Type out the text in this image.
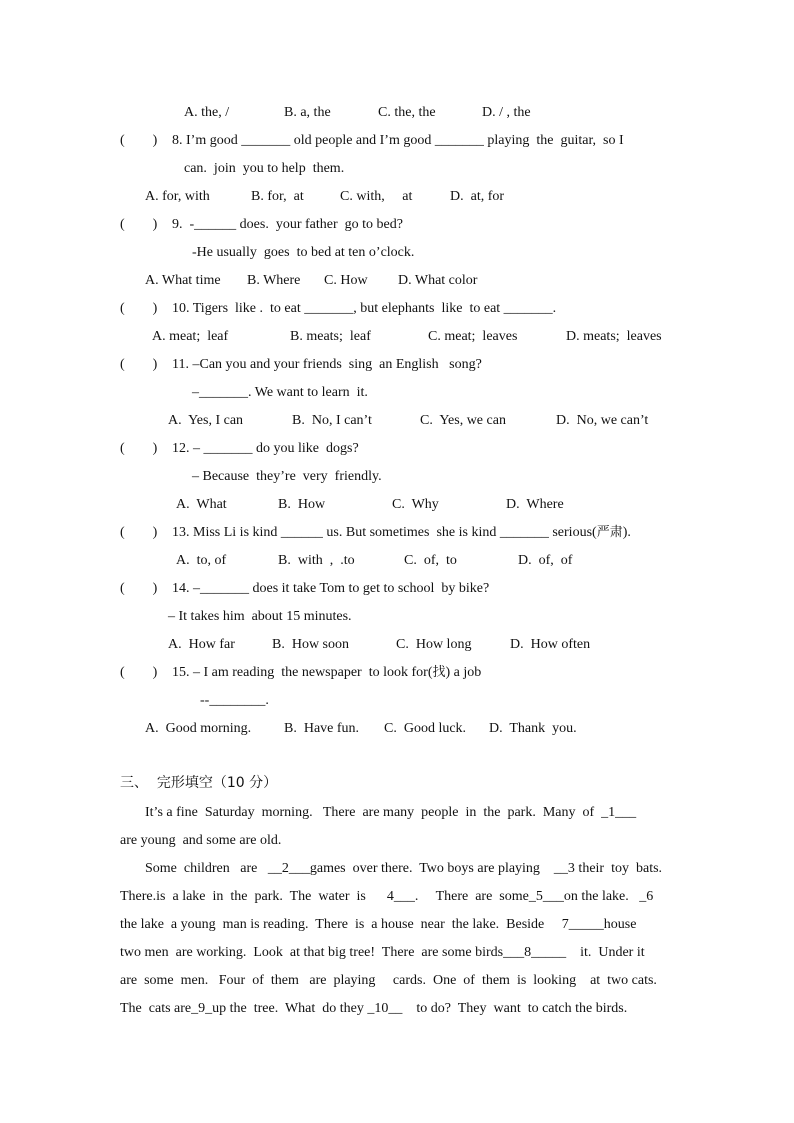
A. the, /	B. a, the	C. the, the	D. / , the
(        ) 8. I’m good _______ old people and I’m good _______ playing  the  guitar,  so I
can.  join  you to help  them.
A. for, with	B. for,  at	C. with,     at	D.  at, for
(        ) 9.  -______ does.  your father  go to bed?
-He usually  goes  to bed at ten o’clock.
A. What time B. Where C. How D. What color
(        ) 10. Tigers  like .  to eat _______, but elephants  like  to eat _______.
A. meat;  leaf	B. meats;  leaf	C. meat;  leaves	D. meats;  leaves
(        ) 11. –Can you and your friends  sing  an English   song?
–_______. We want to learn  it.
A.  Yes, I can	B.  No, I can’t	C.  Yes, we can	D.  No, we can’t
(        ) 12. – _______ do you like  dogs?
– Because  they’re  very  friendly.
A.  What	B.  How	C.  Why	D.  Where
(        ) 13. Miss Li is kind ______ us. But sometimes  she is kind _______ serious(严肃).
A.  to, of	B.  with  ,  .to	C.  of,  to	D.  of,  of
(        ) 14. –_______ does it take Tom to get to school  by bike?
– It takes him  about 15 minutes.
A.  How far	B.  How soon	C.  How long	D.  How often
(        ) 15. – I am reading  the newspaper  to look for(找) a job
--________.
A.  Good morning. B.  Have fun. C.  Good luck. D.  Thank  you.
三、  完形填空（10 分）
It’s a fine  Saturday  morning.   There  are many  people  in  the  park.  Many  of  _1___
are young  and some are old.
Some  children   are   __2___games  over there.  Two boys are playing    __3 their  toy  bats.
There.is  a lake  in  the  park.  The  water  is      4___.     There  are  some_5___on the lake.   _6
the lake  a young  man is reading.  There  is  a house  near  the lake.  Beside     7_____house
two men  are working.  Look  at that big tree!  There  are some birds___8_____    it.  Under it
are  some  men.   Four  of  them   are  playing     cards.  One  of  them  is  looking    at  two cats.
The  cats are_9_up the  tree.  What  do they _10__    to do?  They  want  to catch the birds.
